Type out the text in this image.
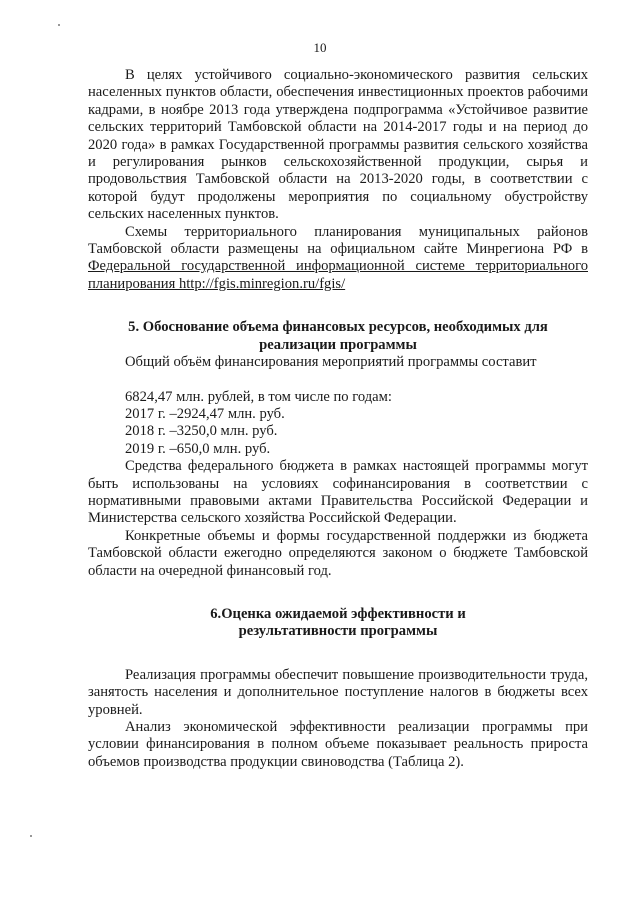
10

В целях устойчивого социально-экономического развития сельских населенных пунктов области, обеспечения инвестиционных проектов рабочими кадрами, в ноябре 2013 года утверждена подпрограмма «Устойчивое развитие сельских территорий Тамбовской области на 2014-2017 годы и на период до 2020 года» в рамках Государственной программы развития сельского хозяйства и регулирования рынков сельскохозяйственной продукции, сырья и продовольствия Тамбовской области на 2013-2020 годы, в соответствии с которой будут продолжены мероприятия по социальному обустройству сельских населенных пунктов.

Схемы территориального планирования муниципальных районов Тамбовской области размещены на официальном сайте Минрегиона РФ в Федеральной государственной информационной системе территориального планирования http://fgis.minregion.ru/fgis/

5. Обоснование объема финансовых ресурсов, необходимых для реализации программы

Общий объём финансирования мероприятий программы составит

6824,47 млн. рублей, в том числе по годам:

2017 г. –2924,47 млн. руб.

2018 г. –3250,0 млн. руб.

2019 г. –650,0 млн. руб.

Средства федерального бюджета в рамках настоящей программы могут быть использованы на условиях софинансирования в соответствии с нормативными правовыми актами Правительства Российской Федерации и Министерства сельского хозяйства Российской Федерации.

Конкретные объемы и формы государственной поддержки из бюджета Тамбовской области ежегодно определяются законом о бюджете Тамбовской области на очередной финансовый год.

6.Оценка ожидаемой эффективности и

результативности программы

Реализация программы обеспечит повышение производительности труда, занятость населения и дополнительное поступление налогов в бюджеты всех уровней.

Анализ экономической эффективности реализации программы при условии финансирования в полном объеме показывает реальность прироста объемов производства продукции свиноводства (Таблица 2).
